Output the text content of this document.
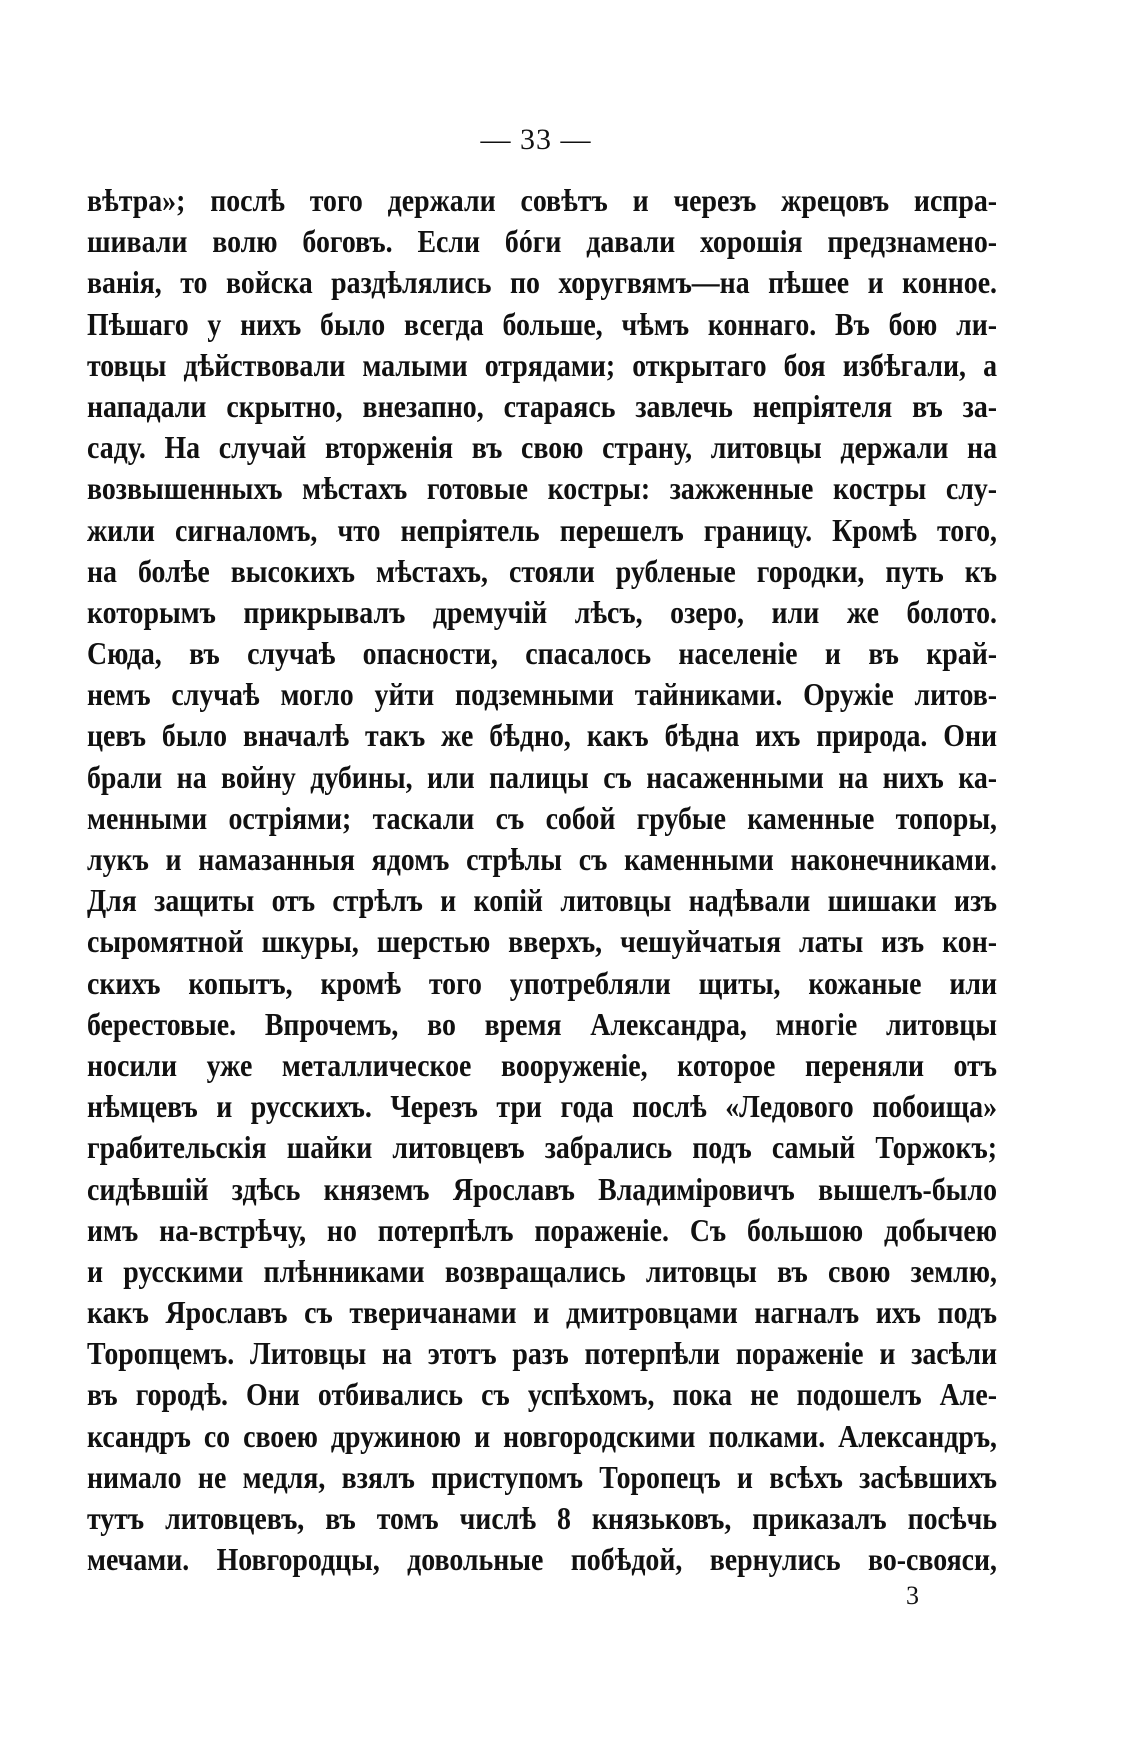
— 33 —
вѣтра»; послѣ того держали совѣтъ и черезъ жрецовъ испра-
шивали волю боговъ. Если бóги давали хорошія предзнамено-
ванія, то войска раздѣлялись по хоругвямъ—на пѣшее и конное.
Пѣшаго у нихъ было всегда больше, чѣмъ коннаго. Въ бою ли-
товцы дѣйствовали малыми отрядами; открытаго боя избѣгали, а
нападали скрытно, внезапно, стараясь завлечь непріятеля въ за-
саду. На случай вторженія въ свою страну, литовцы держали на
возвышенныхъ мѣстахъ готовые костры: зажженные костры слу-
жили сигналомъ, что непріятель перешелъ границу. Кромѣ того,
на болѣе высокихъ мѣстахъ, стояли рубленые городки, путь къ
которымъ прикрывалъ дремучій лѣсъ, озеро, или же болото.
Сюда, въ случаѣ опасности, спасалось населеніе и въ край-
немъ случаѣ могло уйти подземными тайниками. Оружіе литов-
цевъ было вначалѣ такъ же бѣдно, какъ бѣдна ихъ природа. Они
брали на войну дубины, или палицы съ насаженными на нихъ ка-
менными остріями; таскали съ собой грубые каменные топоры,
лукъ и намазанныя ядомъ стрѣлы съ каменными наконечниками.
Для защиты отъ стрѣлъ и копій литовцы надѣвали шишаки изъ
сыромятной шкуры, шерстью вверхъ, чешуйчатыя латы изъ кон-
скихъ копытъ, кромѣ того употребляли щиты, кожаные или
берестовые. Впрочемъ, во время Александра, многіе литовцы
носили уже металлическое вооруженіе, которое переняли отъ
нѣмцевъ и русскихъ. Черезъ три года послѣ «Ледового побоища»
грабительскія шайки литовцевъ забрались подъ самый Торжокъ;
сидѣвшій здѣсь княземъ Ярославъ Владиміровичъ вышелъ-было
имъ на-встрѣчу, но потерпѣлъ пораженіе. Съ большою добычею
и русскими плѣнниками возвращались литовцы въ свою землю,
какъ Ярославъ съ тверичанами и дмитровцами нагналъ ихъ подъ
Торопцемъ. Литовцы на этотъ разъ потерпѣли пораженіе и засѣли
въ городѣ. Они отбивались съ успѣхомъ, пока не подошелъ Але-
ксандръ со своею дружиною и новгородскими полками. Александръ,
нимало не медля, взялъ приступомъ Торопецъ и всѣхъ засѣвшихъ
тутъ литовцевъ, въ томъ числѣ 8 князьковъ, приказалъ посѣчь
мечами. Новгородцы, довольные побѣдой, вернулись во-свояси,
3
